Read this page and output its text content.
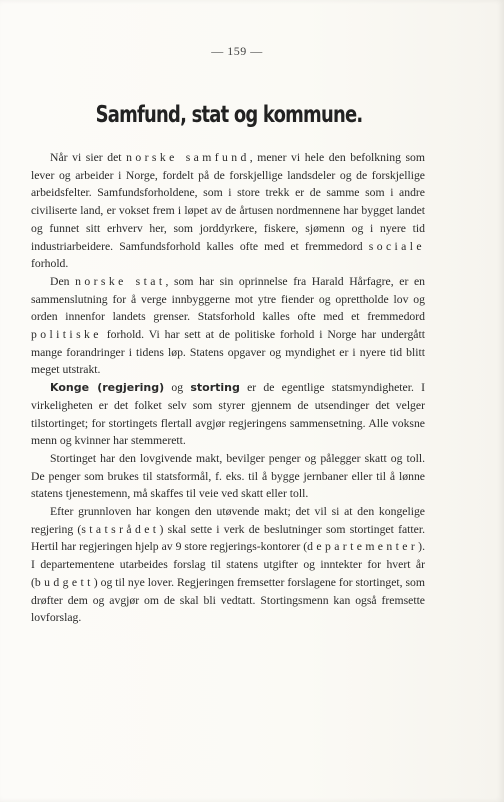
— 159 —
Samfund, stat og kommune.

Når vi sier det norske samfund, mener vi hele den befolkning som lever og arbeider i Norge, fordelt på de forskjellige landsdeler og de forskjellige arbeidsfelter. Samfundsforholdene, som i store trekk er de samme som i andre civiliserte land, er vokset frem i løpet av de årtusen nordmennene har bygget landet og funnet sitt erhverv her, som jorddyrkere, fiskere, sjømenn og i nyere tid industriarbeidere. Samfundsforhold kalles ofte med et fremmedord sociale forhold.

Den norske stat, som har sin oprinnelse fra Harald Hårfagre, er en sammenslutning for å verge innbyggerne mot ytre fiender og oprettholde lov og orden innenfor landets grenser. Statsforhold kalles ofte med et fremmedord politiske forhold. Vi har sett at de politiske forhold i Norge har undergått mange forandringer i tidens løp. Statens opgaver og myndighet er i nyere tid blitt meget utstrakt.

Konge (regjering) og storting er de egentlige statsmyndigheter. I virkeligheten er det folket selv som styrer gjennem de utsendinger det velger tilstortinget; for stortingets flertall avgjør regjeringens sammensetning. Alle voksne menn og kvinner har stemmerett.

Stortinget har den lovgivende makt, bevilger penger og pålegger skatt og toll. De penger som brukes til statsformål, f. eks. til å bygge jernbaner eller til å lønne statens tjenestemenn, må skaffes til veie ved skatt eller toll.

Efter grunnloven har kongen den utøvende makt; det vil si at den kongelige regjering (statsrådet) skal sette i verk de beslutninger som stortinget fatter. Hertil har regjeringen hjelp av 9 store regjerings-kontorer (departementer). I departementene utarbeides forslag til statens utgifter og inntekter for hvert år (budgett) og til nye lover. Regjeringen fremsetter forslagene for stortinget, som drøfter dem og avgjør om de skal bli vedtatt. Stortingsmenn kan også fremsette lovforslag.
